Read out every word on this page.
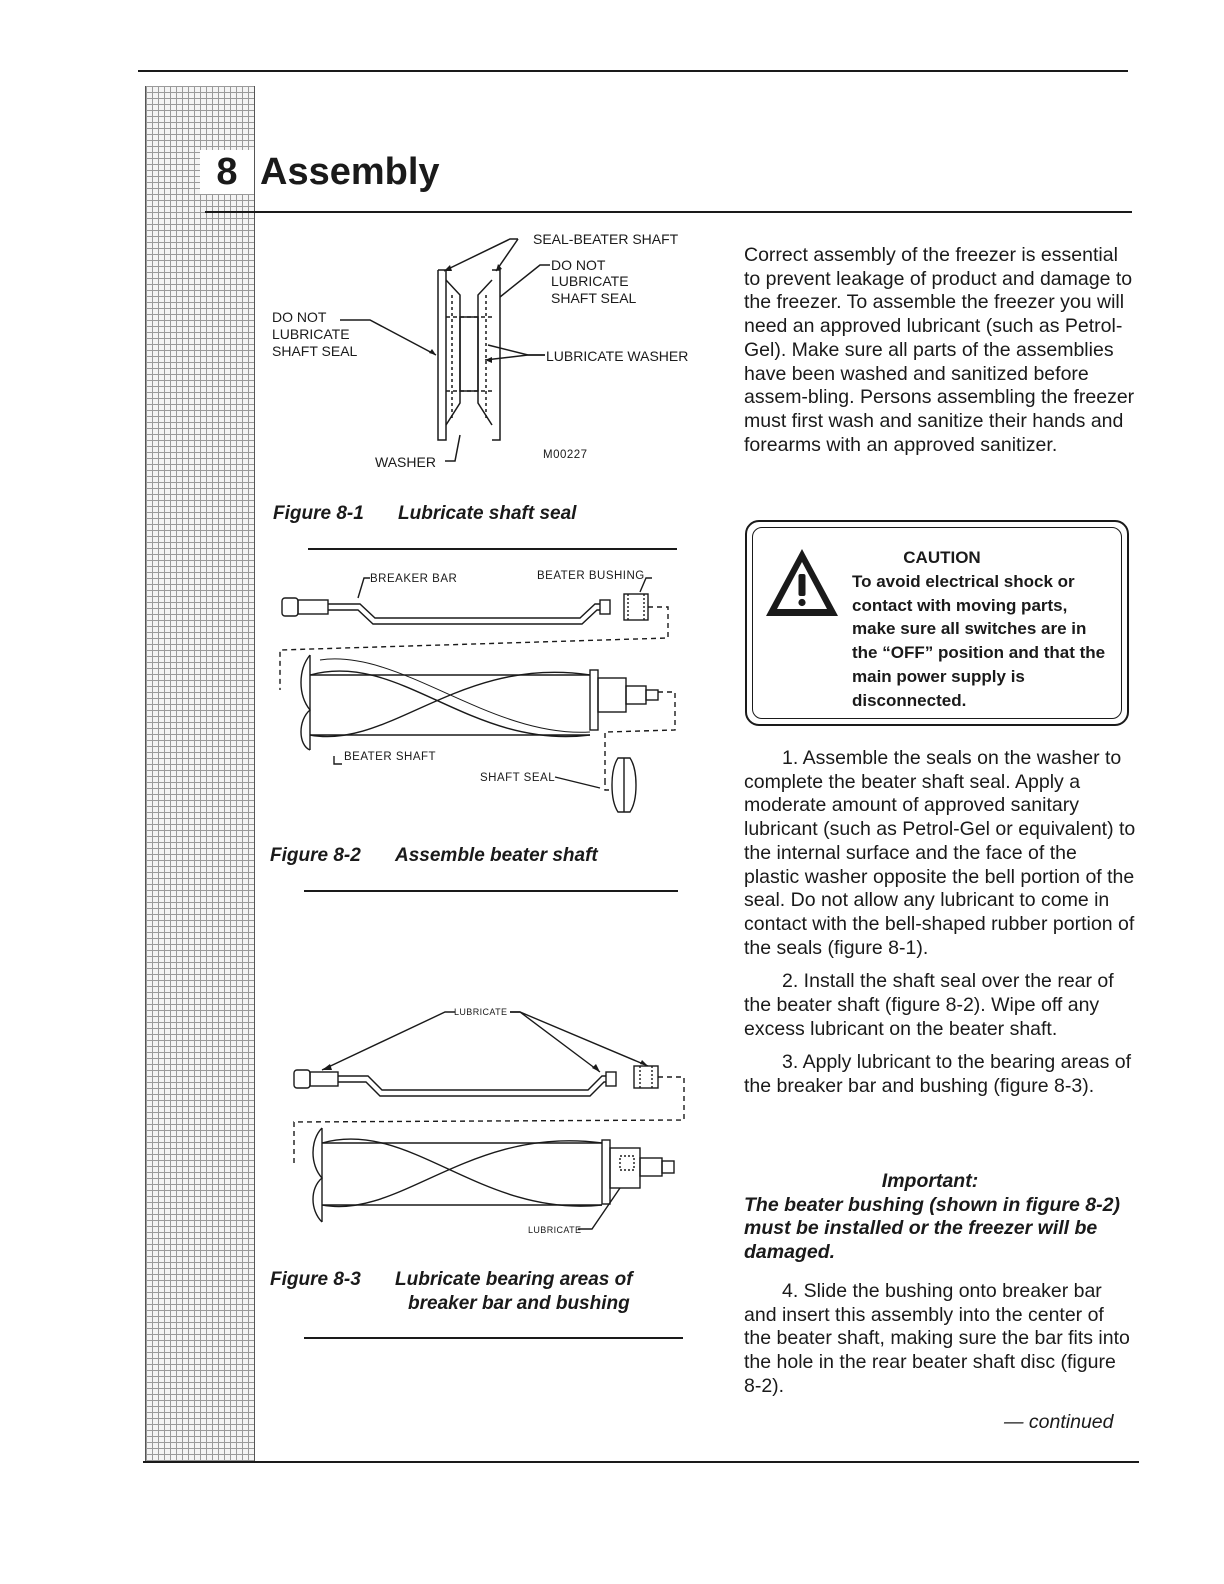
8 Assembly
SEAL-BEATER SHAFT
DO NOT
LUBRICATE
SHAFT SEAL
DO NOT
LUBRICATE
SHAFT SEAL	LUBRICATE WASHER
WASHER	M00227
Figure 8-1 Lubricate shaft seal
BREAKER BAR	BEATER BUSHING
BEATER SHAFT
SHAFT SEAL
Figure 8-2 Assemble beater shaft
LUBRICATE
LUBRICATE
Figure 8-3 Lubricate bearing areas of
breaker bar and bushing
Correct assembly of the freezer is essential to prevent leakage of product and damage to the freezer. To assemble the freezer you will need an approved lubricant (such as Petrol-Gel). Make sure all parts of the assemblies have been washed and sanitized before assem-bling. Persons assembling the freezer must first wash and sanitize their hands and forearms with an approved sanitizer.
CAUTION
To avoid electrical shock or contact with moving parts, make sure all switches are in the “OFF” position and that the main power supply is disconnected.

1. Assemble the seals on the washer to complete the beater shaft seal. Apply a moderate amount of approved sanitary lubricant (such as Petrol-Gel or equivalent) to the internal surface and the face of the plastic washer opposite the bell portion of the seal. Do not allow any lubricant to come in contact with the bell-shaped rubber portion of the seals (figure 8-1).

2. Install the shaft seal over the rear of the beater shaft (figure 8-2). Wipe off any excess lubricant on the beater shaft.

3. Apply lubricant to the bearing areas of the breaker bar and bushing (figure 8-3).

Important:
The beater bushing (shown in figure 8-2) must be installed or the freezer will be damaged.

4. Slide the bushing onto breaker bar and insert this assembly into the center of the beater shaft, making sure the bar fits into the hole in the rear beater shaft disc (figure 8-2).

— continued
